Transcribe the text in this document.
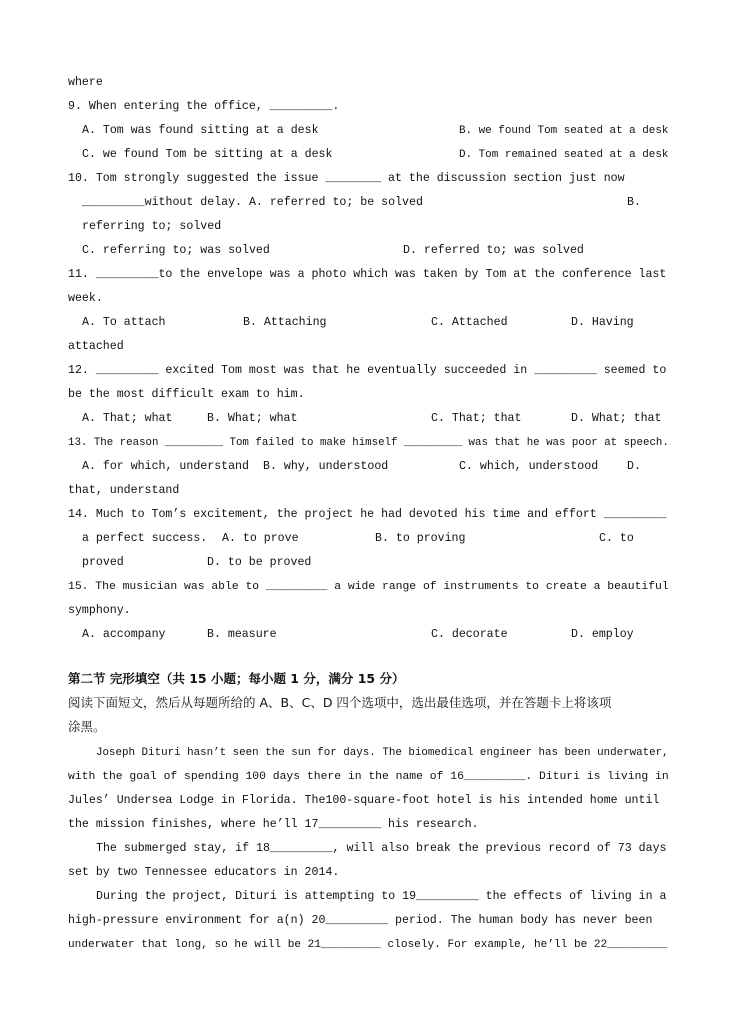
where
9. When entering the office, _________.
A. Tom was found sitting at a desk	B. we found Tom seated at a desk
C. we found Tom be sitting at a desk	D. Tom remained seated at a desk
10. Tom strongly suggested the issue ________ at the discussion section just now
_________without delay. A. referred to; be solved	B.
referring to; solved
C. referring to; was solved	D. referred to; was solved
11. _________to the envelope was a photo which was taken by Tom at the conference last
week.
A. To attach	B. Attaching	C. Attached	D. Having
attached
12. _________ excited Tom most was that he eventually succeeded in _________ seemed to
be the most difficult exam to him.
A. That; what	B. What; what	C. That; that	D. What; that
13. The reason _________ Tom failed to make himself _________ was that he was poor at speech.
A. for which, understand B. why, understood	C. which, understood D.
that, understand
14. Much to Tom’s excitement, the project he had devoted his time and effort _________
a perfect success. A. to prove	B. to proving	C. to
proved	D. to be proved
15. The musician was able to _________ a wide range of instruments to create a beautiful
symphony.
A. accompany	B. measure	C. decorate	D. employ
第二节 完形填空（共 15 小题；每小题 1 分，满分 15 分）
阅读下面短文，然后从每题所给的 A、B、C、D 四个选项中，选出最佳选项，并在答题卡上将该项
涂黑。
Joseph Dituri hasn’t seen the sun for days. The biomedical engineer has been underwater,
with the goal of spending 100 days there in the name of 16_________. Dituri is living in
Jules’ Undersea Lodge in Florida. The100-square-foot hotel is his intended home until
the mission finishes, where he’ll 17_________ his research.
The submerged stay, if 18_________, will also break the previous record of 73 days
set by two Tennessee educators in 2014.
During the project, Dituri is attempting to 19_________ the effects of living in a
high-pressure environment for a(n) 20_________ period. The human body has never been
underwater that long, so he will be 21_________ closely. For example, he’ll be 22_________
